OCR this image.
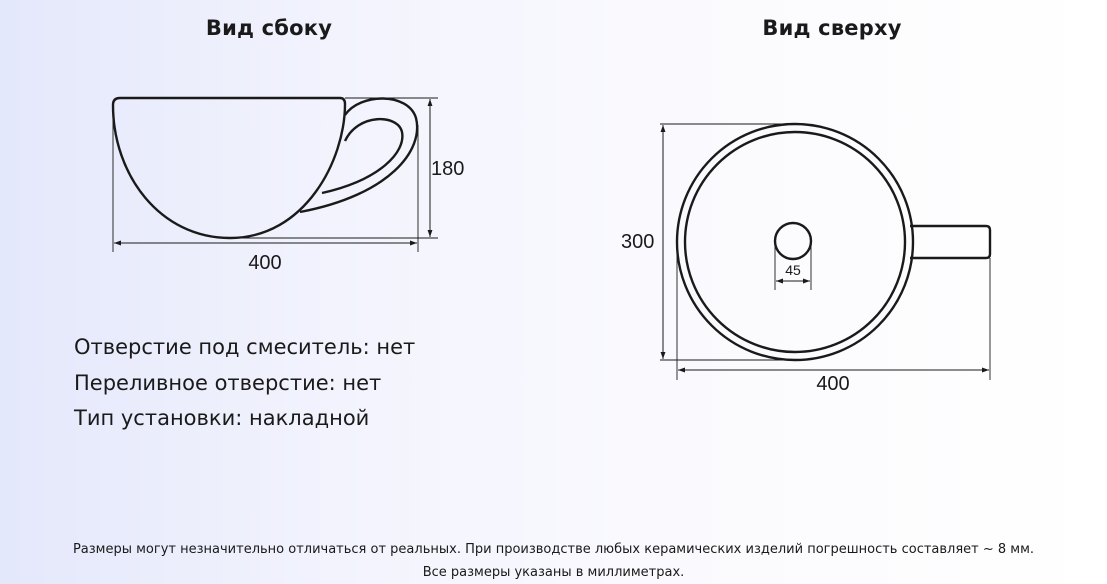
Вид сбоку	Вид сверху
180
400
300
400
45
Отверстие под смеситель: нет
Переливное отверстие: нет
Тип установки: накладной
Размеры могут незначительно отличаться от реальных. При производстве любых керамических изделий погрешность составляет ~ 8 мм.
Все размеры указаны в миллиметрах.
